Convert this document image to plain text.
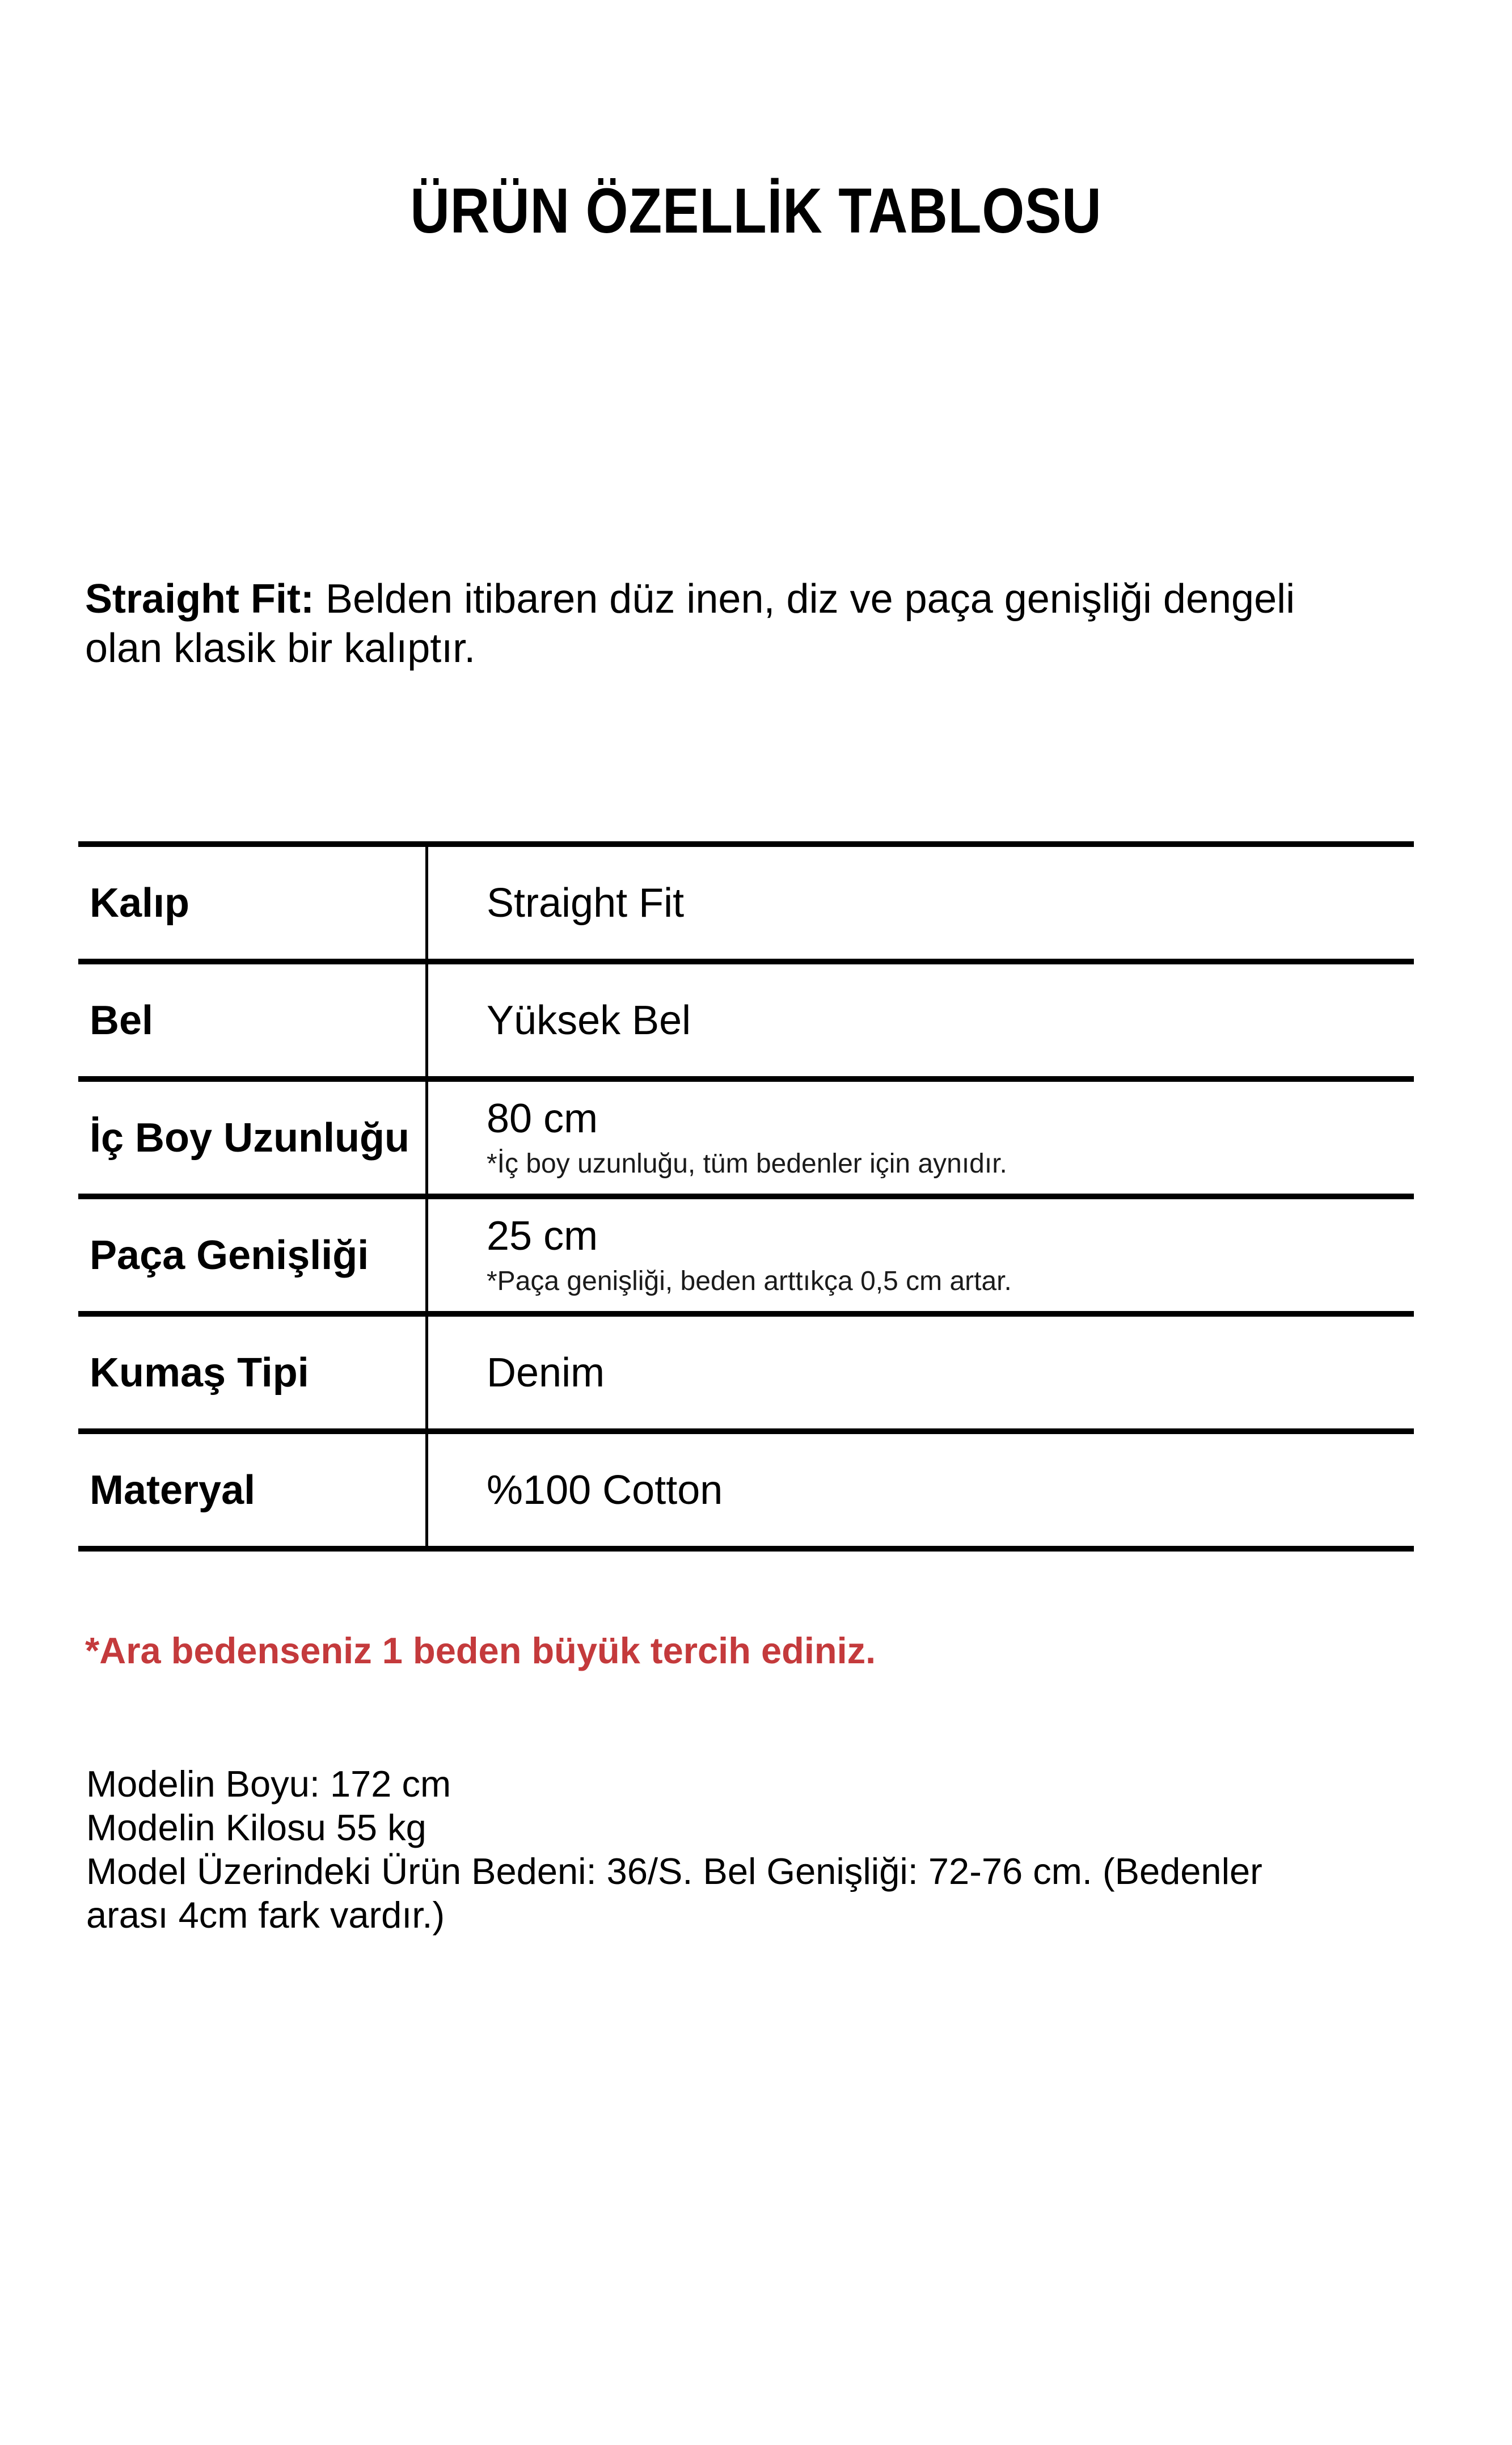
ÜRÜN ÖZELLİK TABLOSU
Straight Fit: Belden itibaren düz inen, diz ve paça genişliği dengeli
olan klasik bir kalıptır.
Kalıp	Straight Fit
Bel	Yüksek Bel
İç Boy Uzunluğu	80 cm
*İç boy uzunluğu, tüm bedenler için aynıdır.
Paça Genişliği	25 cm
*Paça genişliği, beden arttıkça 0,5 cm artar.
Kumaş Tipi	Denim
Materyal	%100 Cotton
*Ara bedenseniz 1 beden büyük tercih ediniz.
Modelin Boyu: 172 cm
Modelin Kilosu 55 kg
Model Üzerindeki Ürün Bedeni: 36/S. Bel Genişliği: 72-76 cm. (Bedenler
arası 4cm fark vardır.)
